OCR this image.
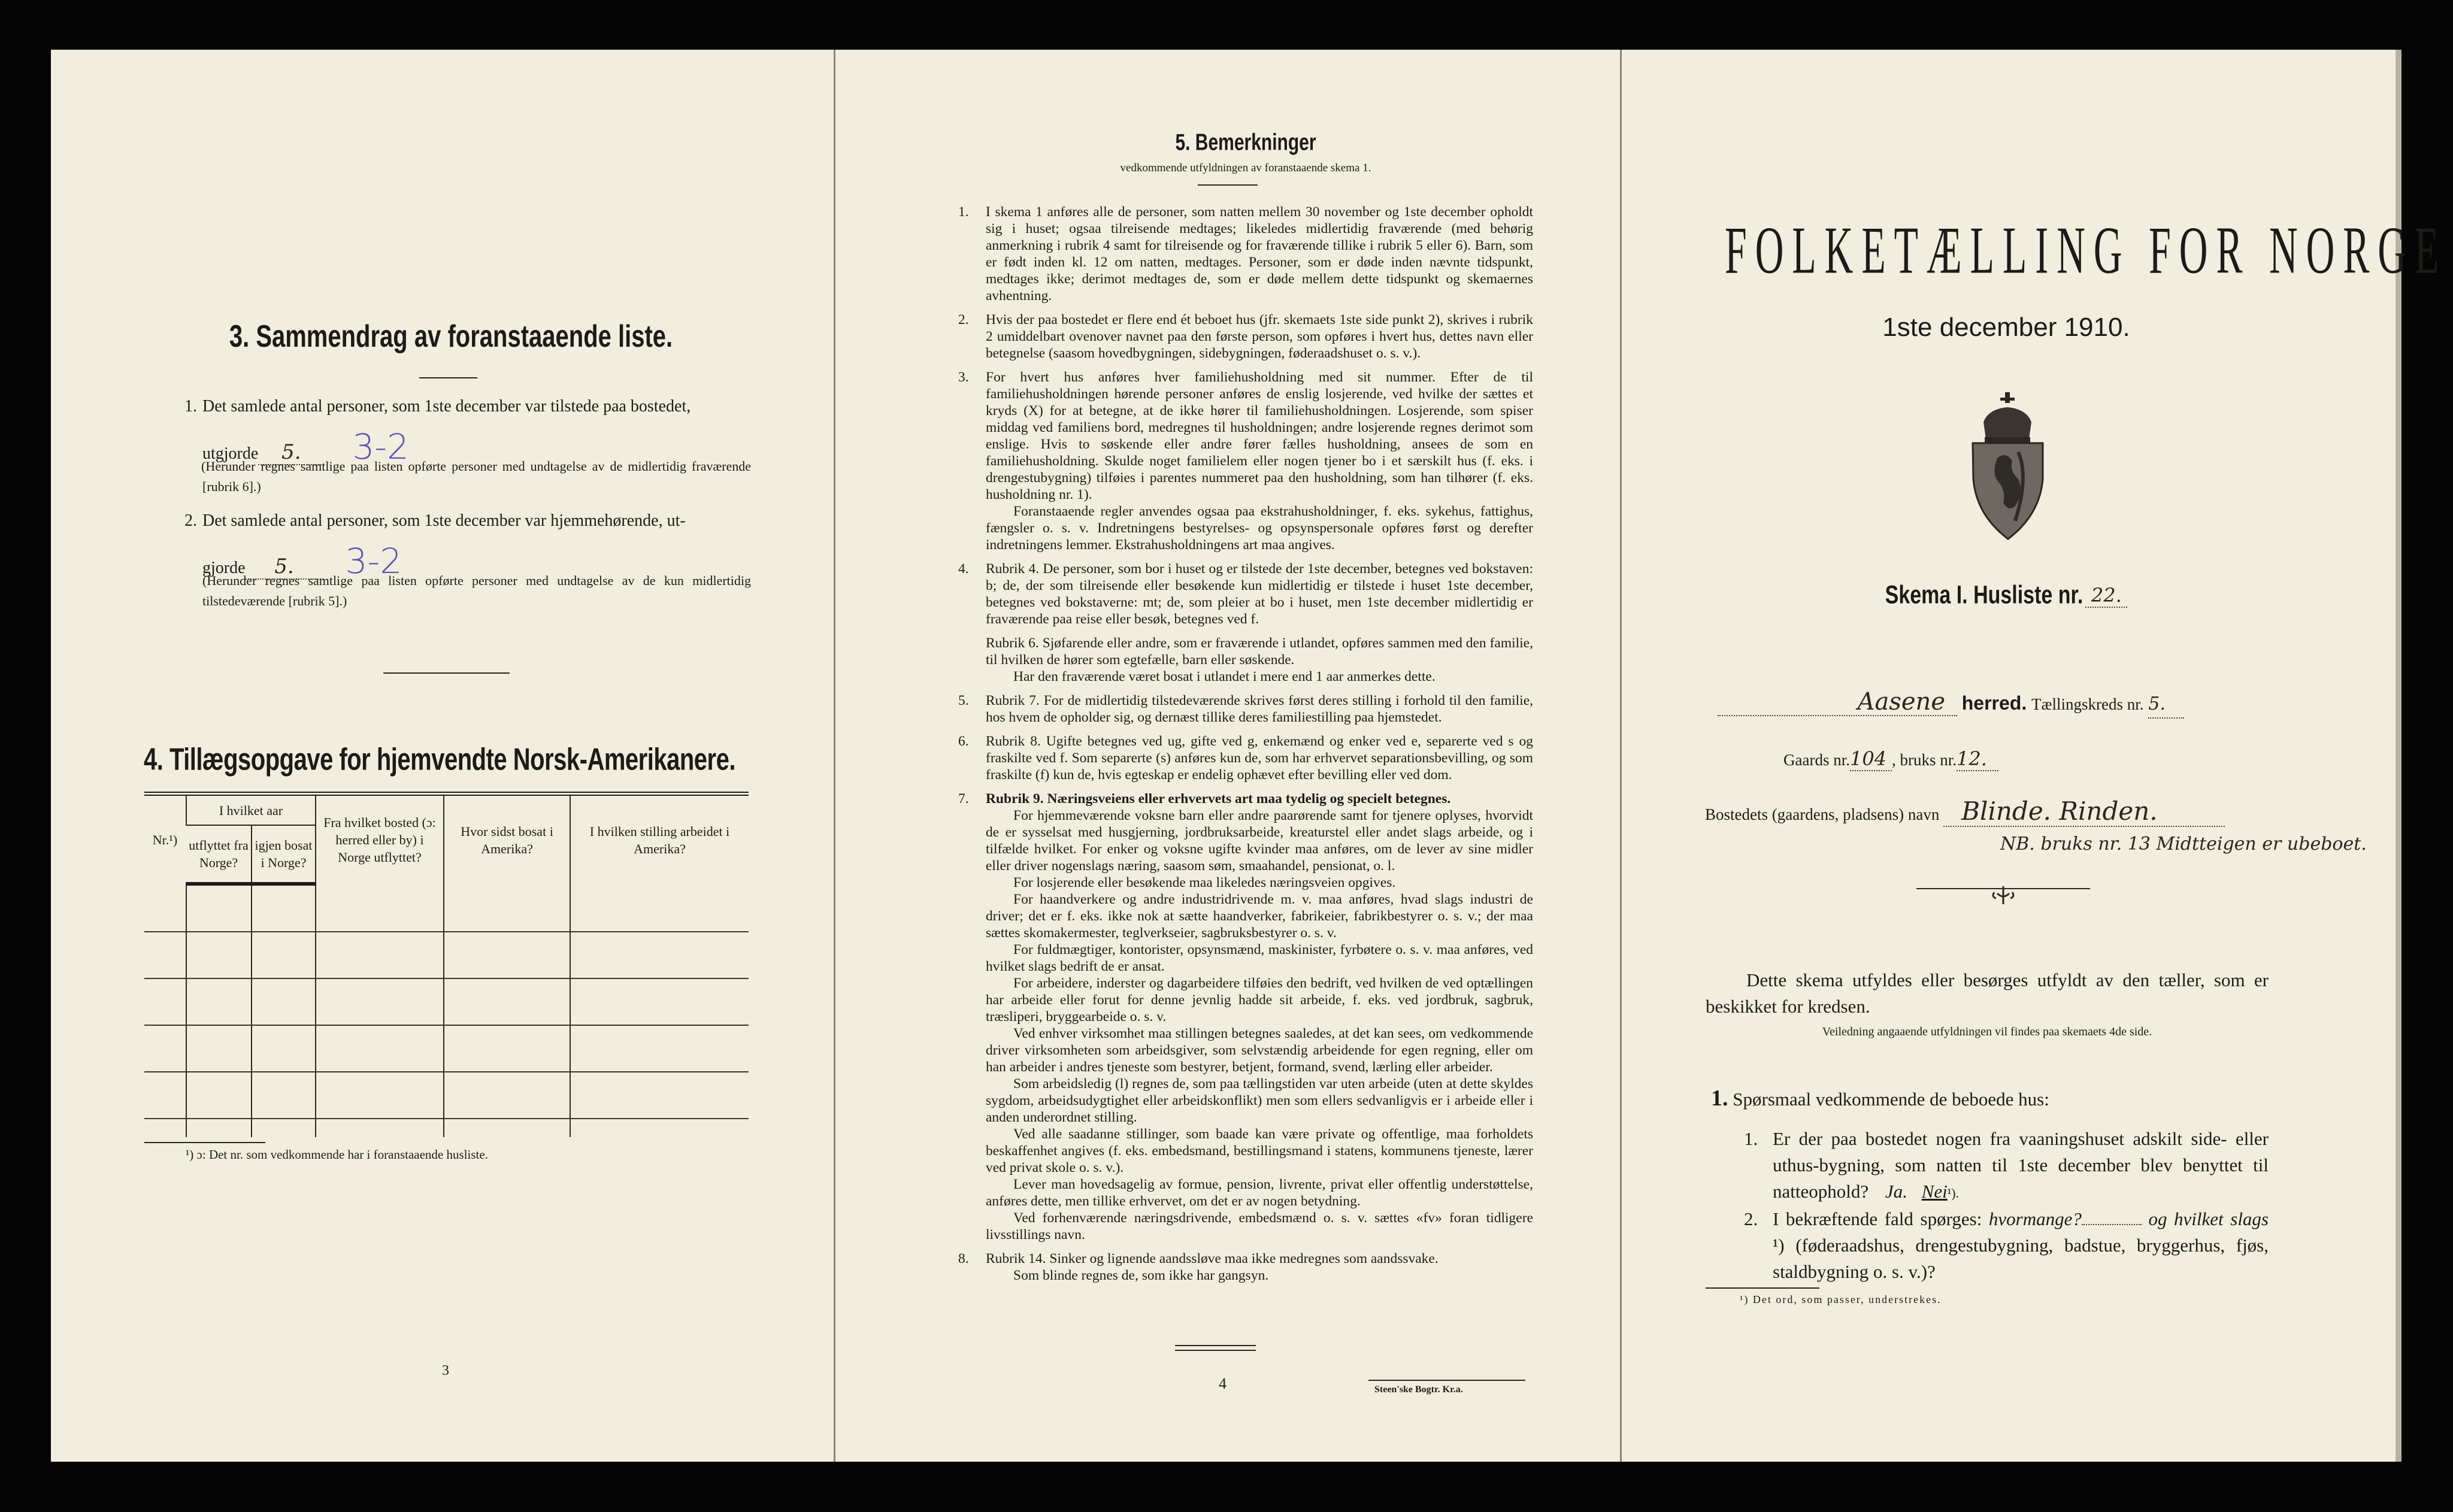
3. Sammendrag av foranstaaende liste.
1. Det samlede antal personer, som 1ste december var tilstede paa bostedet,
utgjorde 5. 3-2
(Herunder regnes samtlige paa listen opførte personer med undtagelse av de midlertidig fraværende [rubrik 6].)
2. Det samlede antal personer, som 1ste december var hjemmehørende, ut-
gjorde 5. 3-2
(Herunder regnes samtlige paa listen opførte personer med undtagelse av de kun midlertidig tilstedeværende [rubrik 5].)
4. Tillægsopgave for hjemvendte Norsk-Amerikanere.
Nr.¹)	I hvilket aar		Fra hvilket bosted (ɔ: herred eller by) i Norge utflyttet?	Hvor sidst bosat i Amerika?	I hvilken stilling arbeidet i Amerika?
	utflyttet fra Norge?	igjen bosat i Norge?			

¹) ɔ: Det nr. som vedkommende har i foranstaaende husliste.
3
5. Bemerkninger
vedkommende utfyldningen av foranstaaende skema 1.

1. I skema 1 anføres alle de personer, som natten mellem 30 november og 1ste december opholdt sig i huset; ogsaa tilreisende medtages; likeledes midlertidig fraværende (med behørig anmerkning i rubrik 4 samt for tilreisende og for fraværende tillike i rubrik 5 eller 6). Barn, som er født inden kl. 12 om natten, medtages. Personer, som er døde inden nævnte tidspunkt, medtages ikke; derimot medtages de, som er døde mellem dette tidspunkt og skemaernes avhentning.

2. Hvis der paa bostedet er flere end ét beboet hus (jfr. skemaets 1ste side punkt 2), skrives i rubrik 2 umiddelbart ovenover navnet paa den første person, som opføres i hvert hus, dettes navn eller betegnelse (saasom hovedbygningen, sidebygningen, føderaadshuset o. s. v.).

3. For hvert hus anføres hver familiehusholdning med sit nummer. Efter de til familiehusholdningen hørende personer anføres de enslig losjerende, ved hvilke der sættes et kryds (X) for at betegne, at de ikke hører til familiehusholdningen. Losjerende, som spiser middag ved familiens bord, medregnes til husholdningen; andre losjerende regnes derimot som enslige. Hvis to søskende eller andre fører fælles husholdning, ansees de som en familiehusholdning. Skulde noget familielem eller nogen tjener bo i et særskilt hus (f. eks. i drengestubygning) tilføies i parentes nummeret paa den husholdning, som han tilhører (f. eks. husholdning nr. 1).

Foranstaaende regler anvendes ogsaa paa ekstrahusholdninger, f. eks. sykehus, fattighus, fængsler o. s. v. Indretningens bestyrelses- og opsynspersonale opføres først og derefter indretningens lemmer. Ekstrahusholdningens art maa angives.

4. Rubrik 4. De personer, som bor i huset og er tilstede der 1ste december, betegnes ved bokstaven: b; de, der som tilreisende eller besøkende kun midlertidig er tilstede i huset 1ste december, betegnes ved bokstaverne: mt; de, som pleier at bo i huset, men 1ste december midlertidig er fraværende paa reise eller besøk, betegnes ved f.

Rubrik 6. Sjøfarende eller andre, som er fraværende i utlandet, opføres sammen med den familie, til hvilken de hører som egtefælle, barn eller søskende.

Har den fraværende været bosat i utlandet i mere end 1 aar anmerkes dette.

5. Rubrik 7. For de midlertidig tilstedeværende skrives først deres stilling i forhold til den familie, hos hvem de opholder sig, og dernæst tillike deres familiestilling paa hjemstedet.

6. Rubrik 8. Ugifte betegnes ved ug, gifte ved g, enkemænd og enker ved e, separerte ved s og fraskilte ved f. Som separerte (s) anføres kun de, som har erhvervet separationsbevilling, og som fraskilte (f) kun de, hvis egteskap er endelig ophævet efter bevilling eller ved dom.

7. Rubrik 9. Næringsveiens eller erhvervets art maa tydelig og specielt betegnes.

For hjemmeværende voksne barn eller andre paarørende samt for tjenere oplyses, hvorvidt de er sysselsat med husgjerning, jordbruksarbeide, kreaturstel eller andet slags arbeide, og i tilfælde hvilket. For enker og voksne ugifte kvinder maa anføres, om de lever av sine midler eller driver nogenslags næring, saasom søm, smaahandel, pensionat, o. l.

For losjerende eller besøkende maa likeledes næringsveien opgives.

For haandverkere og andre industridrivende m. v. maa anføres, hvad slags industri de driver; det er f. eks. ikke nok at sætte haandverker, fabrikeier, fabrikbestyrer o. s. v.; der maa sættes skomakermester, teglverkseier, sagbruksbestyrer o. s. v.

For fuldmægtiger, kontorister, opsynsmænd, maskinister, fyrbøtere o. s. v. maa anføres, ved hvilket slags bedrift de er ansat.

For arbeidere, inderster og dagarbeidere tilføies den bedrift, ved hvilken de ved optællingen har arbeide eller forut for denne jevnlig hadde sit arbeide, f. eks. ved jordbruk, sagbruk, træsliperi, bryggearbeide o. s. v.

Ved enhver virksomhet maa stillingen betegnes saaledes, at det kan sees, om vedkommende driver virksomheten som arbeidsgiver, som selvstændig arbeidende for egen regning, eller om han arbeider i andres tjeneste som bestyrer, betjent, formand, svend, lærling eller arbeider.

Som arbeidsledig (l) regnes de, som paa tællingstiden var uten arbeide (uten at dette skyldes sygdom, arbeidsudygtighet eller arbeidskonflikt) men som ellers sedvanligvis er i arbeide eller i anden underordnet stilling.

Ved alle saadanne stillinger, som baade kan være private og offentlige, maa forholdets beskaffenhet angives (f. eks. embedsmand, bestillingsmand i statens, kommunens tjeneste, lærer ved privat skole o. s. v.).

Lever man hovedsagelig av formue, pension, livrente, privat eller offentlig understøttelse, anføres dette, men tillike erhvervet, om det er av nogen betydning.

Ved forhenværende næringsdrivende, embedsmænd o. s. v. sættes «fv» foran tidligere livsstillings navn.

8. Rubrik 14. Sinker og lignende aandssløve maa ikke medregnes som aandssvake.

Som blinde regnes de, som ikke har gangsyn.

4	Steen'ske Bogtr. Kr.a.
FOLKETÆLLING FOR NORGE
1ste december 1910.
Skema I. Husliste nr. 22.
Aasene herred. Tællingskreds nr. 5.
Gaards nr.104 , bruks nr.12.
Bostedets (gaardens, pladsens) navn Blinde. Rinden.
NB. bruks nr. 13 Midtteigen er ubeboet.
Dette skema utfyldes eller besørges utfyldt av den tæller, som er beskikket for kredsen.
Veiledning angaaende utfyldningen vil findes paa skemaets 4de side.
1. Spørsmaal vedkommende de beboede hus:
1. Er der paa bostedet nogen fra vaaningshuset adskilt side- eller uthus-bygning, som natten til 1ste december blev benyttet til natteophold? Ja. Nei¹).
2. I bekræftende fald spørges: hvormange?	og hvilket slags ¹) (føderaadshus, drengestubygning, badstue, bryggerhus, fjøs, staldbygning o. s. v.)?
¹) Det ord, som passer, understrekes.
